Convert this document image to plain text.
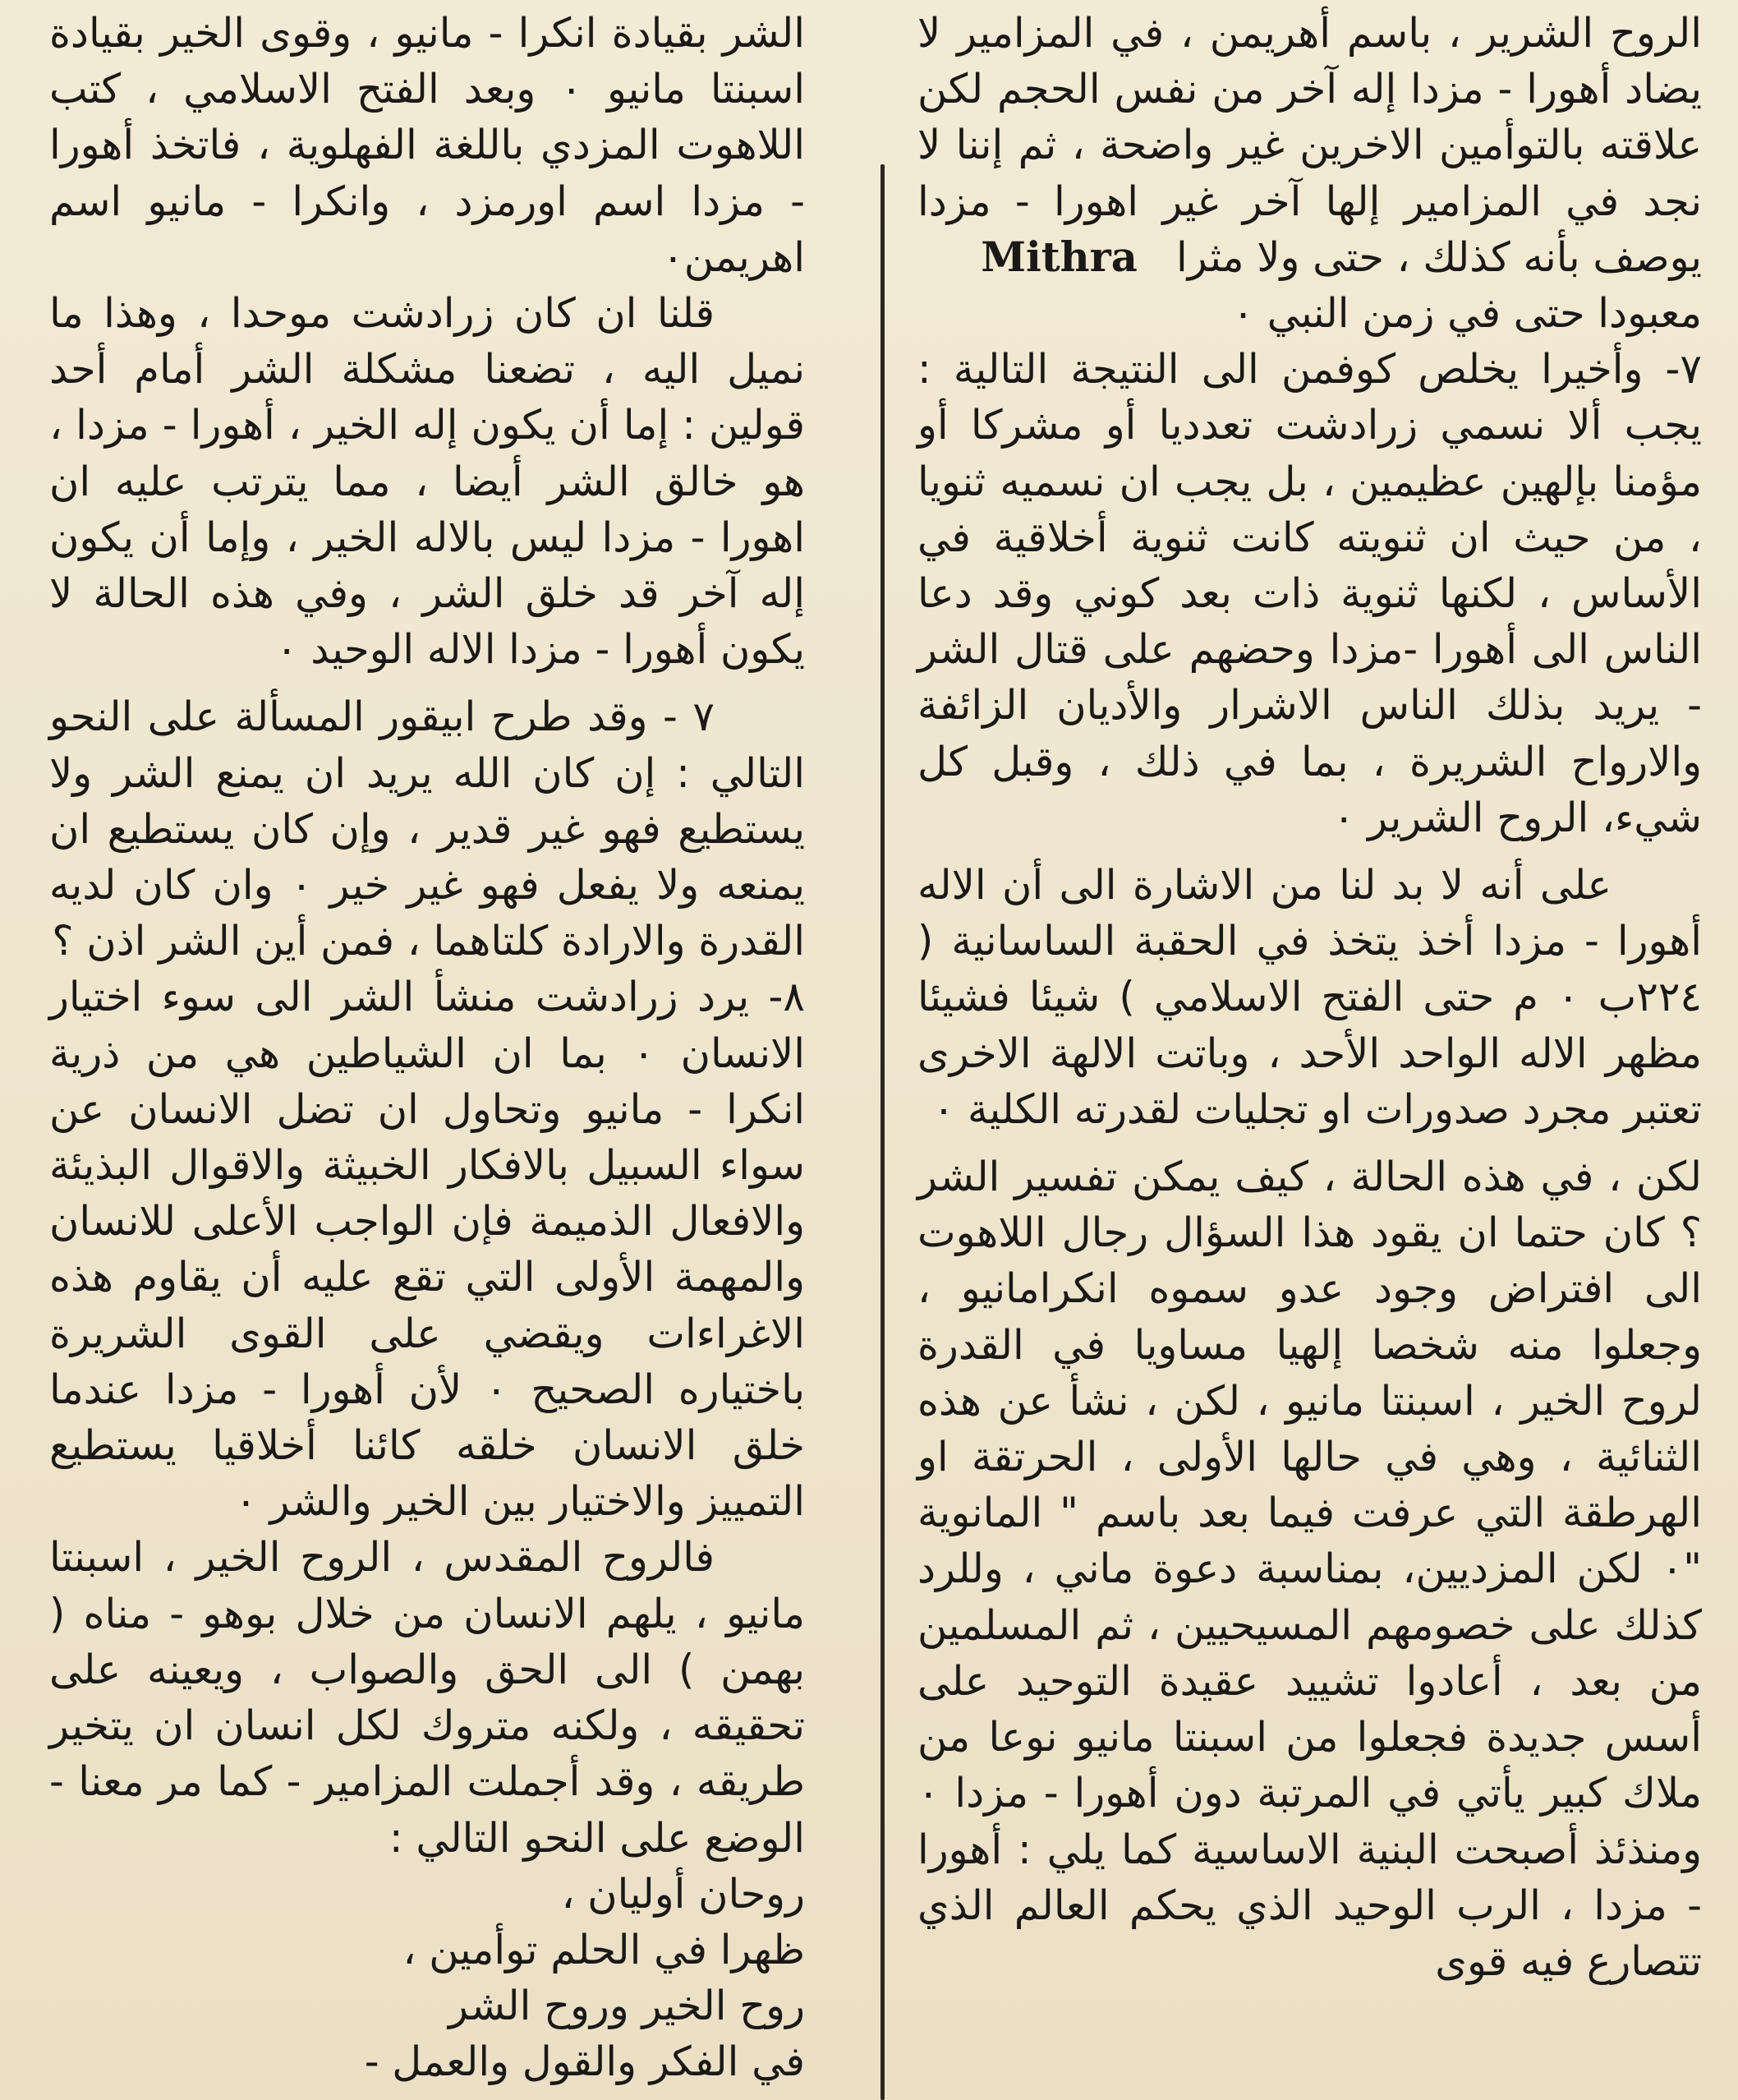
الروح الشرير ، باسم أهريمن ، في المزامير لا يضاد أهورا - مزدا إله آخر من نفس الحجم لكن علاقته بالتوأمين الاخرين غير واضحة ، ثم إننا لا نجد في المزامير إلها آخر غير اهورا - مزدا يوصف بأنه كذلك ، حتى ولا مثرا   Mithra

معبودا حتى في زمن النبي ٠

٧- وأخيرا يخلص كوفمن الى النتيجة التالية : يجب ألا نسمي زرادشت تعدديا أو مشركا أو مؤمنا بإلهين عظيمين ، بل يجب ان نسميه ثنويا ، من حيث ان ثنويته كانت ثنوية أخلاقية في الأساس ، لكنها ثنوية ذات بعد كوني وقد دعا الناس الى أهورا -مزدا وحضهم على قتال الشر - يريد بذلك الناس الاشرار والأديان الزائفة والارواح الشريرة ، بما في ذلك ، وقبل كل شيء، الروح الشرير ٠

على أنه لا بد لنا من الاشارة الى أن الاله أهورا - مزدا أخذ يتخذ في الحقبة الساسانية ( ٢٢٤ب ٠ م حتى الفتح الاسلامي ) شيئا فشيئا مظهر الاله الواحد الأحد ، وباتت الالهة الاخرى تعتبر مجرد صدورات او تجليات لقدرته الكلية ٠

لكن ، في هذه الحالة ، كيف يمكن تفسير الشر ؟ كان حتما ان يقود هذا السؤال رجال اللاهوت الى افتراض وجود عدو سموه انكرامانيو ، وجعلوا منه شخصا إلهيا مساويا في القدرة لروح الخير ، اسبنتا مانيو ، لكن ، نشأ عن هذه الثنائية ، وهي في حالها الأولى ، الحرتقة او الهرطقة التي عرفت فيما بعد باسم " المانوية "٠ لكن المزديين، بمناسبة دعوة ماني ، وللرد كذلك على خصومهم المسيحيين ، ثم المسلمين من بعد ، أعادوا تشييد عقيدة التوحيد على أسس جديدة فجعلوا من اسبنتا مانيو نوعا من ملاك كبير يأتي في المرتبة دون أهورا - مزدا ٠ ومنذئذ أصبحت البنية الاساسية كما يلي : أهورا - مزدا ، الرب الوحيد الذي يحكم العالم الذي تتصارع فيه قوى

الشر بقيادة انكرا - مانيو ، وقوى الخير بقيادة اسبنتا مانيو ٠ وبعد الفتح الاسلامي ، كتب اللاهوت المزدي باللغة الفهلوية ، فاتخذ أهورا - مزدا اسم اورمزد ، وانكرا - مانيو اسم اهريمن٠

قلنا ان كان زرادشت موحدا ، وهذا ما نميل اليه ، تضعنا مشكلة الشر أمام أحد قولين : إما أن يكون إله الخير ، أهورا - مزدا ، هو خالق الشر أيضا ، مما يترتب عليه ان اهورا - مزدا ليس بالاله الخير ، وإما أن يكون إله آخر قد خلق الشر ، وفي هذه الحالة لا يكون أهورا - مزدا الاله الوحيد ٠

٧ - وقد طرح ابيقور المسألة على النحو التالي : إن كان الله يريد ان يمنع الشر ولا يستطيع فهو غير قدير ، وإن كان يستطيع ان يمنعه ولا يفعل فهو غير خير ٠ وان كان لديه القدرة والارادة كلتاهما ، فمن أين الشر اذن ؟

٨- يرد زرادشت منشأ الشر الى سوء اختيار الانسان ٠ بما ان الشياطين هي من ذرية انكرا - مانيو وتحاول ان تضل الانسان عن سواء السبيل بالافكار الخبيثة والاقوال البذيئة والافعال الذميمة فإن الواجب الأعلى للانسان والمهمة الأولى التي تقع عليه أن يقاوم هذه الاغراءات ويقضي على القوى الشريرة باختياره الصحيح ٠ لأن أهورا - مزدا عندما خلق الانسان خلقه كائنا أخلاقيا يستطيع التمييز والاختيار بين الخير والشر ٠

فالروح المقدس ، الروح الخير ، اسبنتا مانيو ، يلهم الانسان من خلال بوهو - مناه ( بهمن ) الى الحق والصواب ، ويعينه على تحقيقه ، ولكنه متروك لكل انسان ان يتخير طريقه ، وقد أجملت المزامير - كما مر معنا - الوضع على النحو التالي :

روحان أوليان ،

ظهرا في الحلم توأمين ،

روح الخير وروح الشر

في الفكر والقول والعمل -
